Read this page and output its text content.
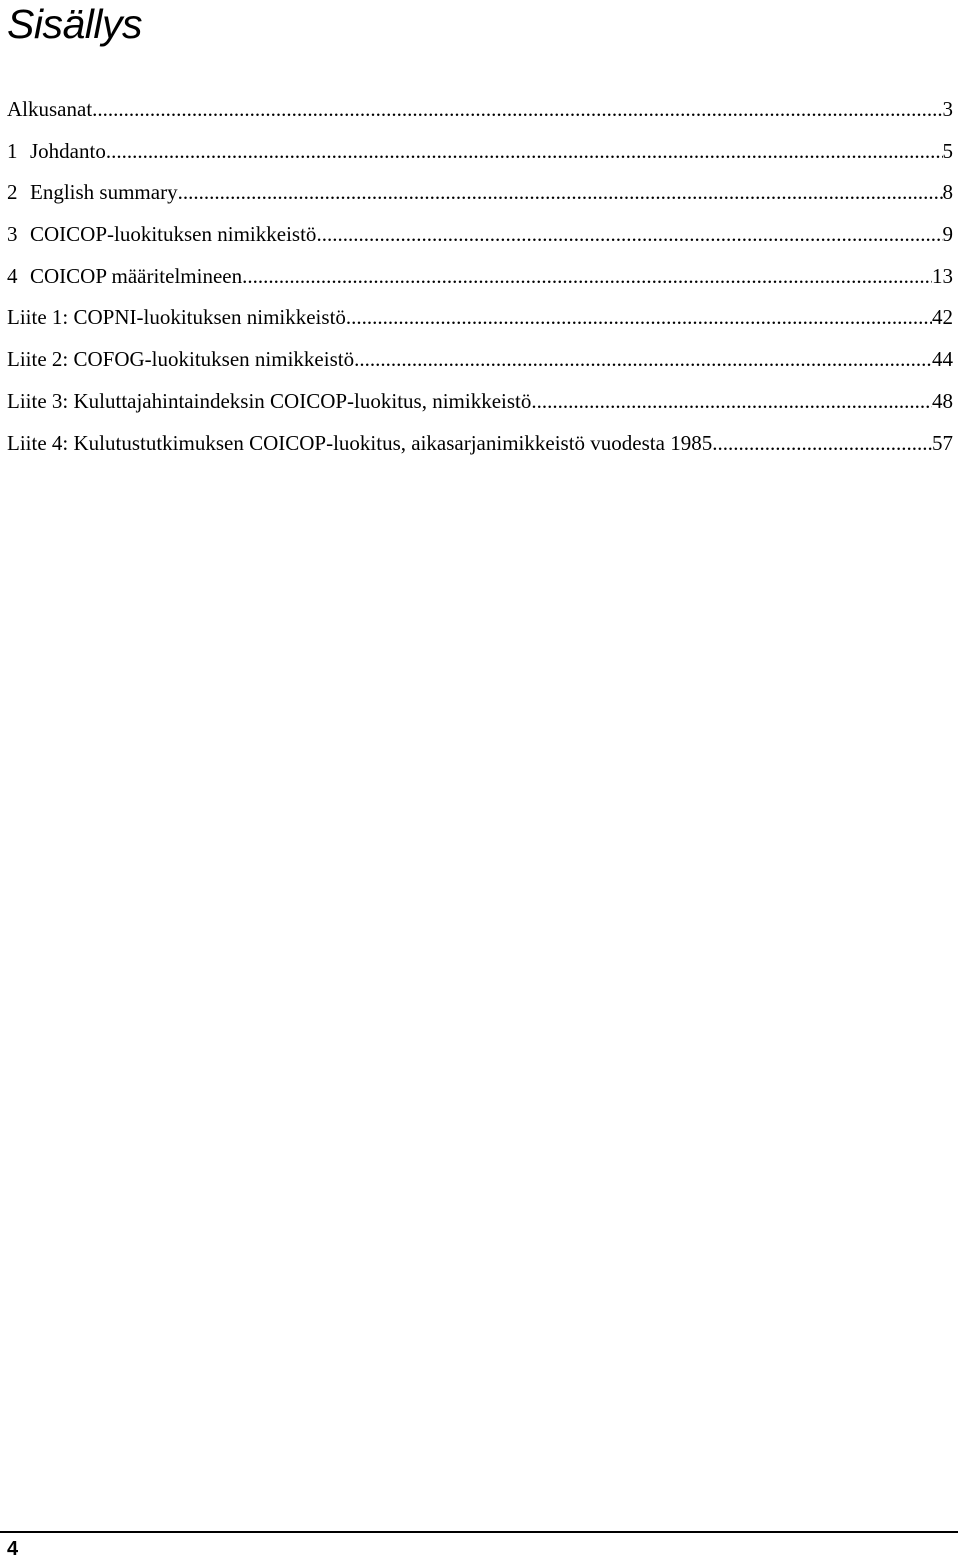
Sisällys
Alkusanat .....	3
1 Johdanto .....	5
2 English summary .....	8
3 COICOP-luokituksen nimikkeistö .....	9
4 COICOP määritelmineen .....	13
Liite 1: COPNI-luokituksen nimikkeistö .....	42
Liite 2: COFOG-luokituksen nimikkeistö .....	44
Liite 3: Kuluttajahintaindeksin COICOP-luokitus, nimikkeistö .....	48
Liite 4: Kulutustutkimuksen COICOP-luokitus, aikasarjanimikkeistö vuodesta 1985 .....	57
4
